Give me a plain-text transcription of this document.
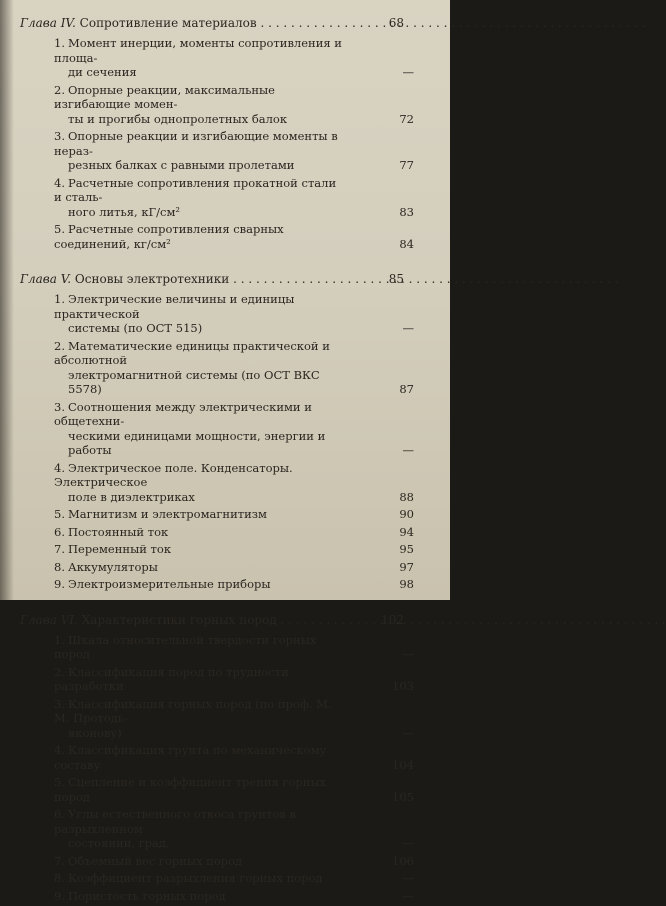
Глава IV. Сопротивление материалов . . .	68
1. Момент инерции, моменты сопротивления и площа-
ди сечения	—
2. Опорные реакции, максимальные изгибающие момен-
ты и прогибы однопролетных балок	72
3. Опорные реакции и изгибающие моменты в нераз-
резных балках с равными пролетами	77
4. Расчетные сопротивления прокатной стали и сталь-
ного литья, кГ/см²	83
5. Расчетные сопротивления сварных соединений, кг/см²	84
Глава V. Основы электротехники . . .	85
1. Электрические величины и единицы практической
системы (по ОСТ 515)	—
2. Математические единицы практической и абсолютной
электромагнитной системы (по ОСТ ВКС 5578)	87
3. Соотношения между электрическими и общетехни-
ческими единицами мощности, энергии и работы	—
4. Электрическое поле. Конденсаторы. Электрическое
поле в диэлектриках	88
5. Магнитизм и электромагнитизм	90
6. Постоянный ток	94
7. Переменный ток	95
8. Аккумуляторы	97
9. Электроизмерительные приборы	98
Глава VI. Характеристики горных пород . . .	102
1. Шкала относительной твердости горных пород	—
2. Классификация пород по трудности разработки	103
3. Классификация горных пород (по проф. М. М. Протодь-
яконову)	—
4. Классификация грунта по механическому составу	104
5. Сцепление и коэффициент трения горных пород	105
6. Углы естественного откоса грунтов в разрыхленном
состоянии, град.	—
7. Объемный вес горных пород	106
8. Коэффициент разрыхления горных пород	—
9. Пористость горных пород	—
